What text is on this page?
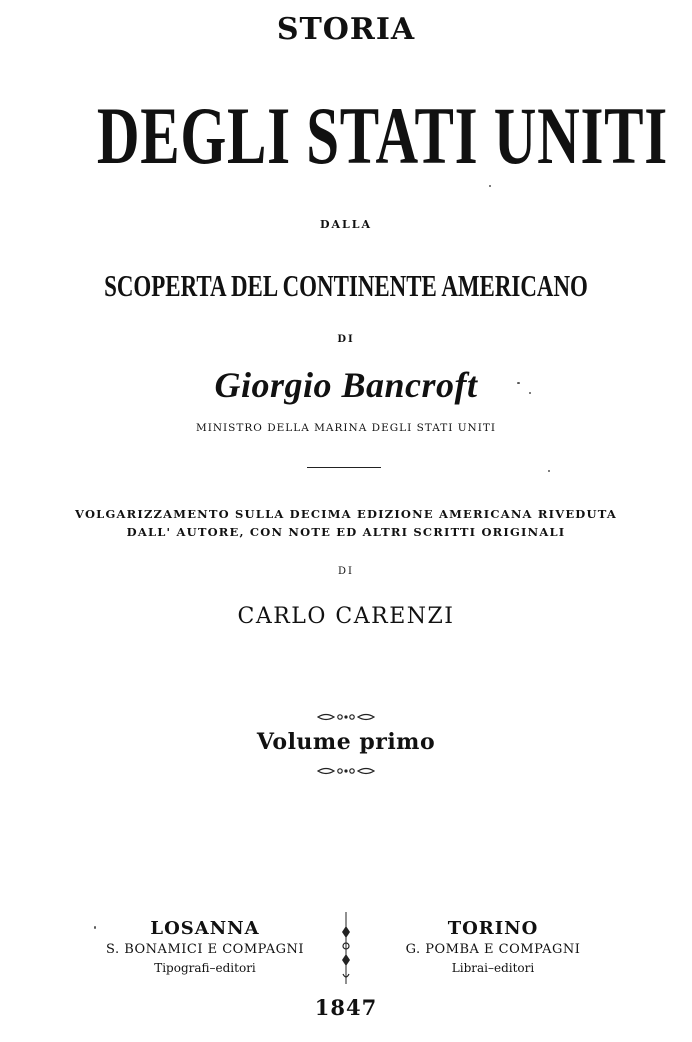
STORIA
DEGLI STATI UNITI
DALLA
SCOPERTA DEL CONTINENTE AMERICANO
DI
Giorgio Bancroft
MINISTRO DELLA MARINA DEGLI STATI UNITI
VOLGARIZZAMENTO SULLA DECIMA EDIZIONE AMERICANA RIVEDUTA
DALL' AUTORE, CON NOTE ED ALTRI SCRITTI ORIGINALI
DI
CARLO CARENZI
Volume primo
LOSANNA
S. BONAMICI E COMPAGNI
Tipografi–editori
TORINO
G. POMBA E COMPAGNI
Librai–editori
1847
